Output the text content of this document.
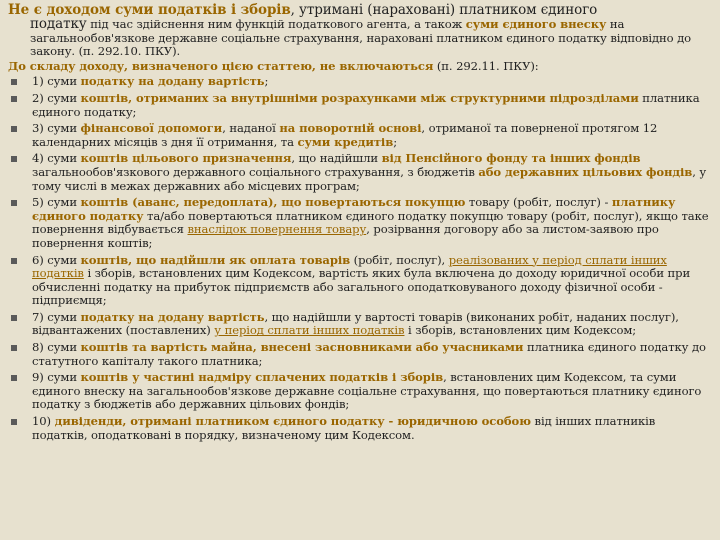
Не є доходом суми податків і зборів, утримані (нараховані) платником єдиного
податку під час здійснення ним функцій податкового агента, а також суми єдиного внеску на загальнообов'язкове державне соціальне страхування, нараховані платником єдиного податку відповідно до закону. (п. 292.10. ПКУ).
До складу доходу, визначеного цією статтею, не включаються (п. 292.11. ПКУ):
1) суми податку на додану вартість;
2) суми коштів, отриманих за внутрішніми розрахунками між структурними підрозділами платника єдиного податку;
3) суми фінансової допомоги, наданої на поворотній основі, отриманої та поверненої протягом 12 календарних місяців з дня її отримання, та суми кредитів;
4) суми коштів цільового призначення, що надійшли від Пенсійного фонду та інших фондів загальнообов'язкового державного соціального страхування, з бюджетів або державних цільових фондів, у тому числі в межах державних або місцевих програм;
5) суми коштів (аванс, передоплата), що повертаються покупцю товару (робіт, послуг) - платнику єдиного податку та/або повертаються платником єдиного податку покупцю товару (робіт, послуг), якщо таке повернення відбувається внаслідок повернення товару, розірвання договору або за листом-заявою про повернення коштів;
6) суми коштів, що надійшли як оплата товарів (робіт, послуг), реалізованих у період сплати інших податків і зборів, встановлених цим Кодексом, вартість яких була включена до доходу юридичної особи при обчисленні податку на прибуток підприємств або загального оподатковуваного доходу фізичної особи - підприємця;
7) суми податку на додану вартість, що надійшли у вартості товарів (виконаних робіт, наданих послуг), відвантажених (поставлених) у період сплати інших податків і зборів, встановлених цим Кодексом;
8) суми коштів та вартість майна, внесені засновниками або учасниками платника єдиного податку до статутного капіталу такого платника;
9) суми коштів у частині надміру сплачених податків і зборів, встановлених цим Кодексом, та суми єдиного внеску на загальнообов'язкове державне соціальне страхування, що повертаються платнику єдиного податку з бюджетів або державних цільових фондів;
10) дивіденди, отримані платником єдиного податку - юридичною особою від інших платників податків, оподатковані в порядку, визначеному цим Кодексом.
